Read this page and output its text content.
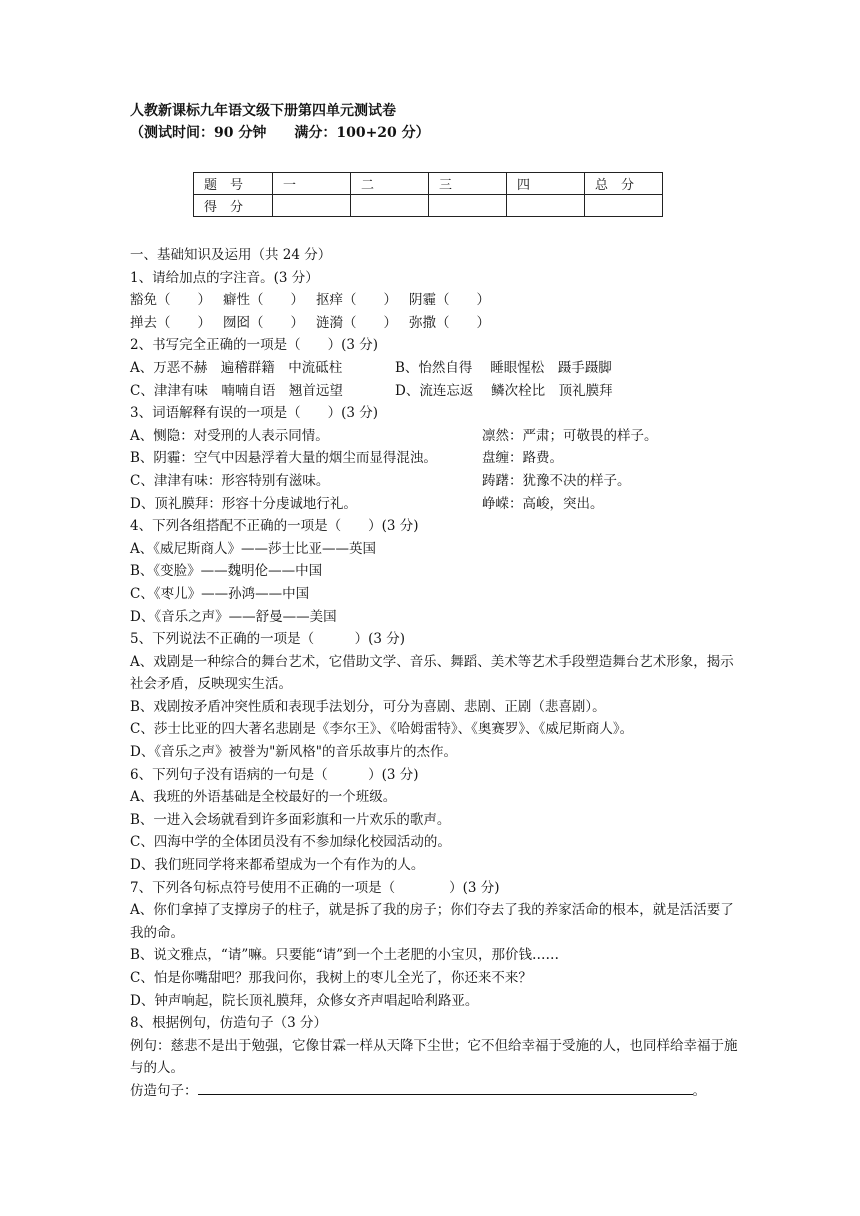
人教新课标九年语文级下册第四单元测试卷
（测试时间：90 分钟　　满分：100+20 分）
题　号	一	二	三	四	总　分
得　分					
一、基础知识及运用（共 24 分）
1、请给加点的字注音。(3 分）
豁免（　　） 癖性（　　） 抠痒（　　） 阴霾（　　）
掸去（　　） 囫囵（　　） 涟漪（　　） 弥撒（　　）
2、书写完全正确的一项是（　　）(3 分)
A、万恶不赫　遍稽群籍　中流砥柱	B、怡然自得　 睡眼惺松　蹑手蹑脚
C、津津有味　喃喃自语　翘首远望	D、流连忘返　 鳞次栓比　顶礼膜拜
3、词语解释有误的一项是（　　）(3 分)
A、恻隐：对受刑的人表示同情。	凛然：严肃；可敬畏的样子。
B、阴霾：空气中因悬浮着大量的烟尘而显得混浊。	盘缠：路费。
C、津津有味：形容特别有滋味。	踌躇：犹豫不决的样子。
D、顶礼膜拜：形容十分虔诚地行礼。	峥嵘：高峻，突出。
4、下列各组搭配不正确的一项是（　　）(3 分)
A、《威尼斯商人》——莎士比亚——英国
B、《变脸》——魏明伦——中国
C、《枣儿》——孙鸿——中国
D、《音乐之声》——舒曼——美国
5、下列说法不正确的一项是（　　　）(3 分)
A、戏剧是一种综合的舞台艺术，它借助文学、音乐、舞蹈、美术等艺术手段塑造舞台艺术形象，揭示社会矛盾，反映现实生活。
B、戏剧按矛盾冲突性质和表现手法划分，可分为喜剧、悲剧、正剧（悲喜剧）。
C、莎士比亚的四大著名悲剧是《李尔王》、《哈姆雷特》、《奥赛罗》、《威尼斯商人》。
D、《音乐之声》被誉为"新风格"的音乐故事片的杰作。
6、下列句子没有语病的一句是（　　　）(3 分)
A、我班的外语基础是全校最好的一个班级。
B、一进入会场就看到许多面彩旗和一片欢乐的歌声。
C、四海中学的全体团员没有不参加绿化校园活动的。
D、我们班同学将来都希望成为一个有作为的人。
7、下列各句标点符号使用不正确的一项是（　　　　）(3 分)
A、你们拿掉了支撑房子的柱子，就是拆了我的房子；你们夺去了我的养家活命的根本，就是活活要了我的命。
B、说文雅点，“请”嘛。只要能“请”到一个土老肥的小宝贝，那价钱……
C、怕是你嘴甜吧？那我问你，我树上的枣儿全光了，你还来不来？
D、钟声响起，院长顶礼膜拜，众修女齐声唱起哈利路亚。
8、根据例句，仿造句子（3 分）
例句：慈悲不是出于勉强，它像甘霖一样从天降下尘世；它不但给幸福于受施的人，也同样给幸福于施与的人。
仿造句子：	。
